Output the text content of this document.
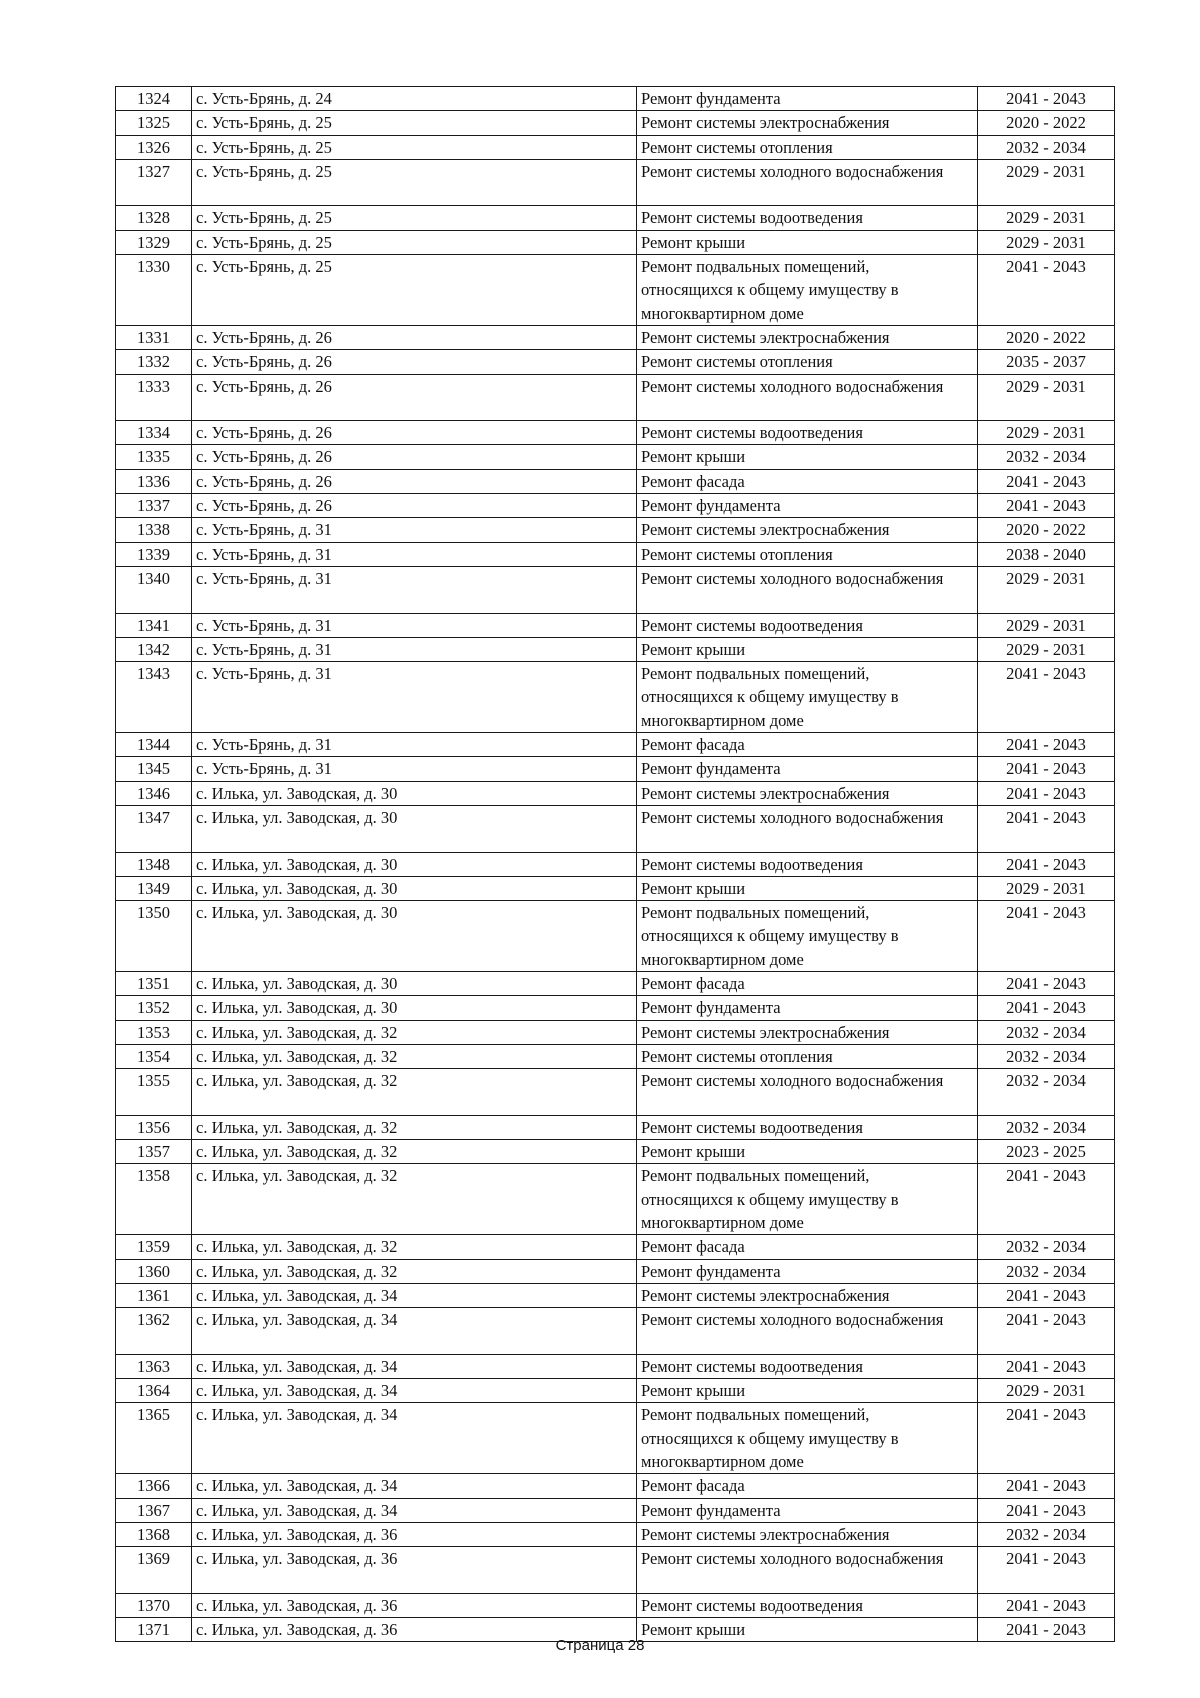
1324	с. Усть-Брянь, д. 24	Ремонт фундамента	2041 - 2043
1325	с. Усть-Брянь, д. 25	Ремонт системы электроснабжения	2020 - 2022
1326	с. Усть-Брянь, д. 25	Ремонт системы отопления	2032 - 2034
1327	с. Усть-Брянь, д. 25	Ремонт системы холодного водоснабжения	2029 - 2031
1328	с. Усть-Брянь, д. 25	Ремонт системы водоотведения	2029 - 2031
1329	с. Усть-Брянь, д. 25	Ремонт крыши	2029 - 2031
1330	с. Усть-Брянь, д. 25	Ремонт подвальных помещений,
относящихся к общему имуществу в
многоквартирном доме	2041 - 2043
1331	с. Усть-Брянь, д. 26	Ремонт системы электроснабжения	2020 - 2022
1332	с. Усть-Брянь, д. 26	Ремонт системы отопления	2035 - 2037
1333	с. Усть-Брянь, д. 26	Ремонт системы холодного водоснабжения	2029 - 2031
1334	с. Усть-Брянь, д. 26	Ремонт системы водоотведения	2029 - 2031
1335	с. Усть-Брянь, д. 26	Ремонт крыши	2032 - 2034
1336	с. Усть-Брянь, д. 26	Ремонт фасада	2041 - 2043
1337	с. Усть-Брянь, д. 26	Ремонт фундамента	2041 - 2043
1338	с. Усть-Брянь, д. 31	Ремонт системы электроснабжения	2020 - 2022
1339	с. Усть-Брянь, д. 31	Ремонт системы отопления	2038 - 2040
1340	с. Усть-Брянь, д. 31	Ремонт системы холодного водоснабжения	2029 - 2031
1341	с. Усть-Брянь, д. 31	Ремонт системы водоотведения	2029 - 2031
1342	с. Усть-Брянь, д. 31	Ремонт крыши	2029 - 2031
1343	с. Усть-Брянь, д. 31	Ремонт подвальных помещений,
относящихся к общему имуществу в
многоквартирном доме	2041 - 2043
1344	с. Усть-Брянь, д. 31	Ремонт фасада	2041 - 2043
1345	с. Усть-Брянь, д. 31	Ремонт фундамента	2041 - 2043
1346	с. Илька, ул. Заводская, д. 30	Ремонт системы электроснабжения	2041 - 2043
1347	с. Илька, ул. Заводская, д. 30	Ремонт системы холодного водоснабжения	2041 - 2043
1348	с. Илька, ул. Заводская, д. 30	Ремонт системы водоотведения	2041 - 2043
1349	с. Илька, ул. Заводская, д. 30	Ремонт крыши	2029 - 2031
1350	с. Илька, ул. Заводская, д. 30	Ремонт подвальных помещений,
относящихся к общему имуществу в
многоквартирном доме	2041 - 2043
1351	с. Илька, ул. Заводская, д. 30	Ремонт фасада	2041 - 2043
1352	с. Илька, ул. Заводская, д. 30	Ремонт фундамента	2041 - 2043
1353	с. Илька, ул. Заводская, д. 32	Ремонт системы электроснабжения	2032 - 2034
1354	с. Илька, ул. Заводская, д. 32	Ремонт системы отопления	2032 - 2034
1355	с. Илька, ул. Заводская, д. 32	Ремонт системы холодного водоснабжения	2032 - 2034
1356	с. Илька, ул. Заводская, д. 32	Ремонт системы водоотведения	2032 - 2034
1357	с. Илька, ул. Заводская, д. 32	Ремонт крыши	2023 - 2025
1358	с. Илька, ул. Заводская, д. 32	Ремонт подвальных помещений,
относящихся к общему имуществу в
многоквартирном доме	2041 - 2043
1359	с. Илька, ул. Заводская, д. 32	Ремонт фасада	2032 - 2034
1360	с. Илька, ул. Заводская, д. 32	Ремонт фундамента	2032 - 2034
1361	с. Илька, ул. Заводская, д. 34	Ремонт системы электроснабжения	2041 - 2043
1362	с. Илька, ул. Заводская, д. 34	Ремонт системы холодного водоснабжения	2041 - 2043
1363	с. Илька, ул. Заводская, д. 34	Ремонт системы водоотведения	2041 - 2043
1364	с. Илька, ул. Заводская, д. 34	Ремонт крыши	2029 - 2031
1365	с. Илька, ул. Заводская, д. 34	Ремонт подвальных помещений,
относящихся к общему имуществу в
многоквартирном доме	2041 - 2043
1366	с. Илька, ул. Заводская, д. 34	Ремонт фасада	2041 - 2043
1367	с. Илька, ул. Заводская, д. 34	Ремонт фундамента	2041 - 2043
1368	с. Илька, ул. Заводская, д. 36	Ремонт системы электроснабжения	2032 - 2034
1369	с. Илька, ул. Заводская, д. 36	Ремонт системы холодного водоснабжения	2041 - 2043
1370	с. Илька, ул. Заводская, д. 36	Ремонт системы водоотведения	2041 - 2043
1371	с. Илька, ул. Заводская, д. 36	Ремонт крыши	2041 - 2043
Страница 28
